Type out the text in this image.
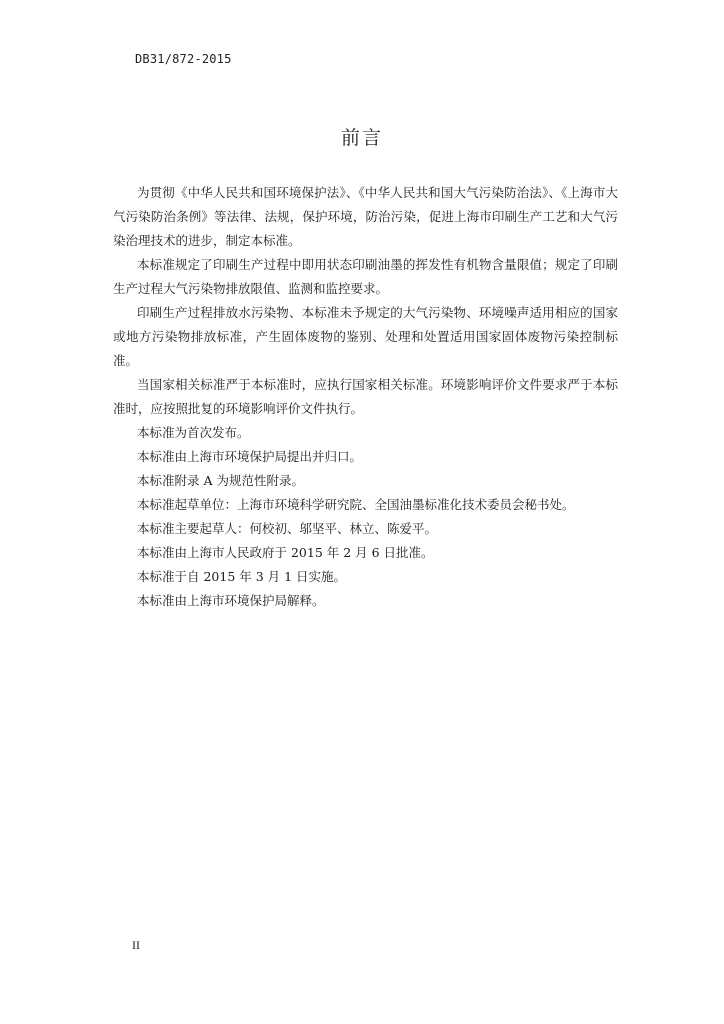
DB31/872-2015
前言

为贯彻《中华人民共和国环境保护法》、《中华人民共和国大气污染防治法》、《上海市大气污染防治条例》等法律、法规，保护环境，防治污染，促进上海市印刷生产工艺和大气污染治理技术的进步，制定本标准。

本标准规定了印刷生产过程中即用状态印刷油墨的挥发性有机物含量限值；规定了印刷生产过程大气污染物排放限值、监测和监控要求。

印刷生产过程排放水污染物、本标准未予规定的大气污染物、环境噪声适用相应的国家或地方污染物排放标准，产生固体废物的鉴别、处理和处置适用国家固体废物污染控制标准。

当国家相关标准严于本标准时，应执行国家相关标准。环境影响评价文件要求严于本标准时，应按照批复的环境影响评价文件执行。

本标准为首次发布。

本标准由上海市环境保护局提出并归口。

本标准附录 A 为规范性附录。

本标准起草单位：上海市环境科学研究院、全国油墨标准化技术委员会秘书处。

本标准主要起草人：何校初、邬坚平、林立、陈爱平。

本标准由上海市人民政府于 2015 年 2 月 6 日批准。

本标准于自 2015 年 3 月 1 日实施。

本标准由上海市环境保护局解释。

II
